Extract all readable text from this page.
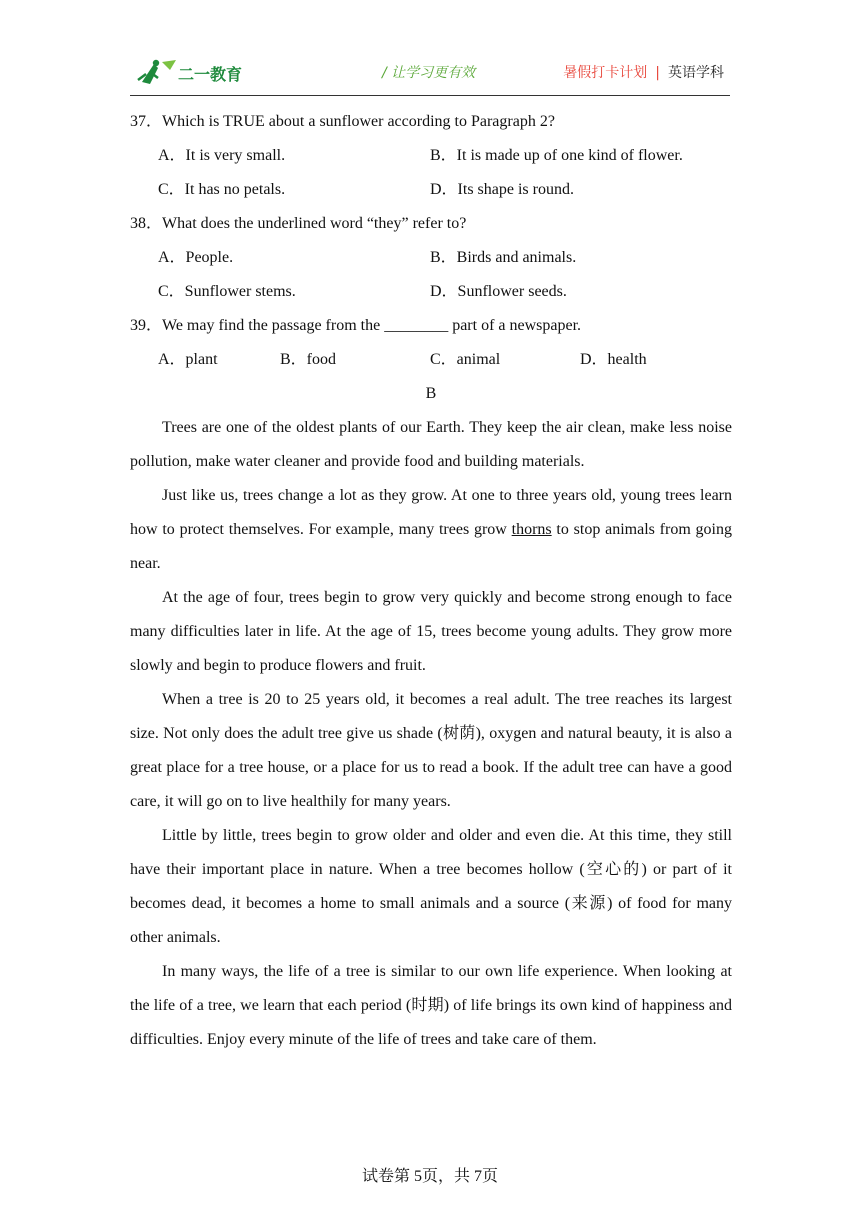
二一教育	/ 让学习更有效	暑假打卡计划 | 英语学科
37．Which is TRUE about a sunflower according to Paragraph 2?
A．It is very small.	B．It is made up of one kind of flower.
C．It has no petals.	D．Its shape is round.
38．What does the underlined word “they” refer to?
A．People.	B．Birds and animals.
C．Sunflower stems.	D．Sunflower seeds.
39．We may find the passage from the ________ part of a newspaper.
A．plant	B．food	C．animal	D．health
B

Trees are one of the oldest plants of our Earth. They keep the air clean, make less noise pollution, make water cleaner and provide food and building materials.

Just like us, trees change a lot as they grow. At one to three years old, young trees learn how to protect themselves. For example, many trees grow thorns to stop animals from going near.

At the age of four, trees begin to grow very quickly and become strong enough to face many difficulties later in life. At the age of 15, trees become young adults. They grow more slowly and begin to produce flowers and fruit.

When a tree is 20 to 25 years old, it becomes a real adult. The tree reaches its largest size. Not only does the adult tree give us shade (树荫), oxygen and natural beauty, it is also a great place for a tree house, or a place for us to read a book. If the adult tree can have a good care, it will go on to live healthily for many years.

Little by little, trees begin to grow older and older and even die. At this time, they still have their important place in nature. When a tree becomes hollow (空心的) or part of it becomes dead, it becomes a home to small animals and a source (来源) of food for many other animals.

In many ways, the life of a tree is similar to our own life experience. When looking at the life of a tree, we learn that each period (时期) of life brings its own kind of happiness and difficulties. Enjoy every minute of the life of trees and take care of them.

试卷第 5页，共 7页
